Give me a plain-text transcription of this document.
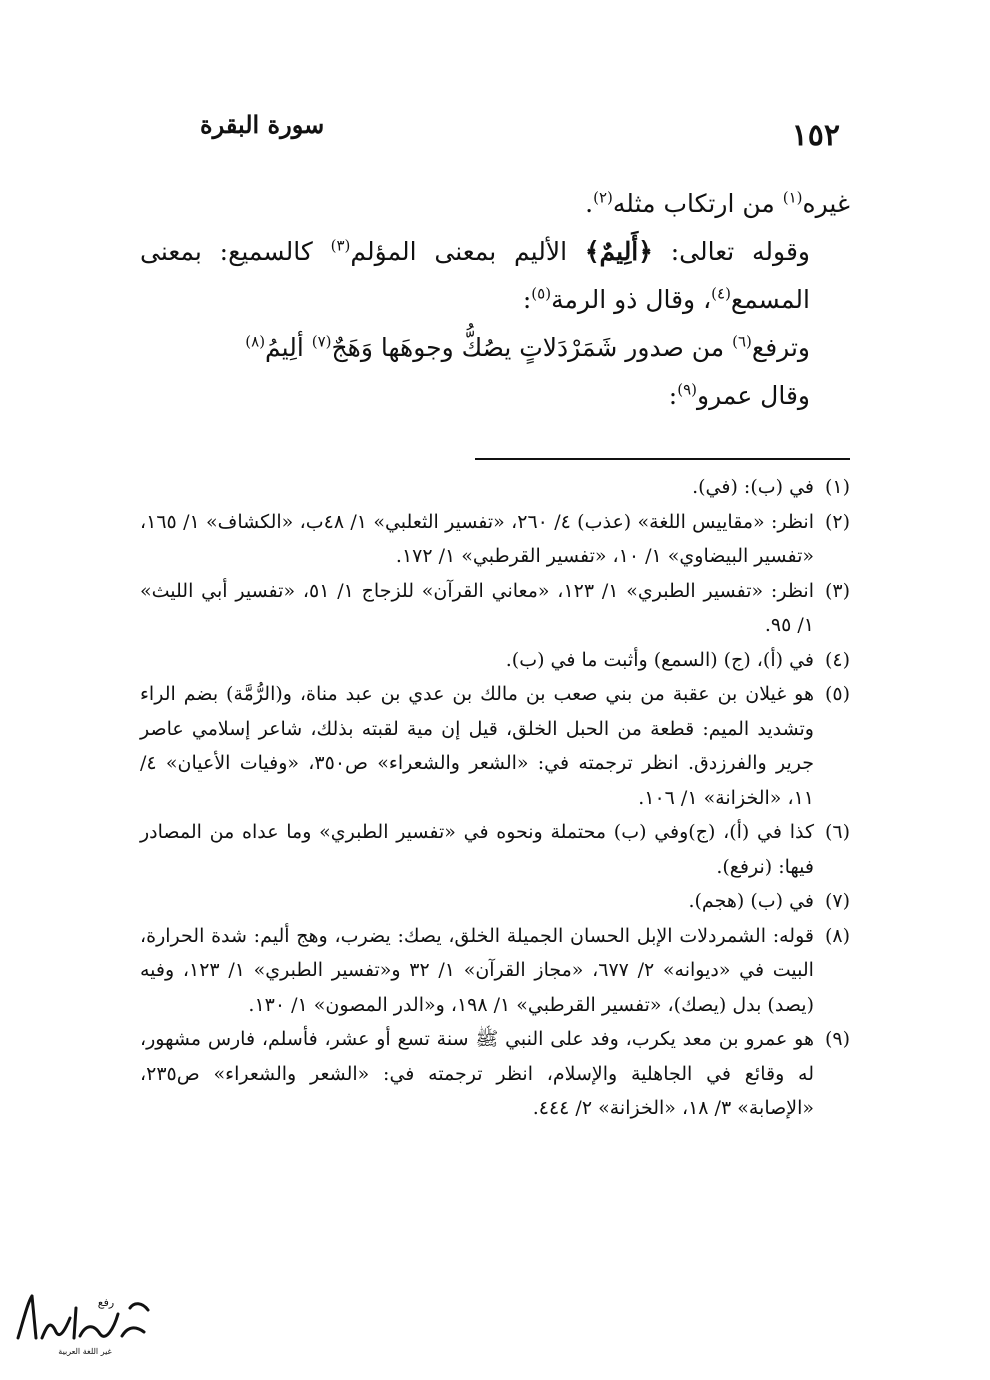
سورة البقرة	١٥٢

غيره$^{(١)}$ من ارتكاب مثله$^{(٢)}$.

وقوله تعالى: ﴿أَلِيمٌ﴾ الأليم بمعنى المؤلم$^{(٣)}$ كالسميع: بمعنى المسمع$^{(٤)}$، وقال ذو الرمة$^{(٥)}$:

وترفع$^{(٦)}$ من صدور شَمَرْدَلاتٍ يصُكُّ وجوهَها وَهَجٌ$^{(٧)}$ ألِيمُ$^{(٨)}$

وقال عمرو$^{(٩)}$:

(١)
في (ب): (في).
(٢)
انظر: «مقاييس اللغة» (عذب) ٤/ ٢٦٠، «تفسير الثعلبي» ١/ ٤٨ب، «الكشاف» ١/ ١٦٥، «تفسير البيضاوي» ١/ ١٠، «تفسير القرطبي» ١/ ١٧٢.
(٣)
انظر: «تفسير الطبري» ١/ ١٢٣، «معاني القرآن» للزجاج ١/ ٥١، «تفسير أبي الليث» ١/ ٩٥.
(٤)
في (أ)، (ج) (السمع) وأثبت ما في (ب).
(٥)
هو غيلان بن عقبة من بني صعب بن مالك بن عدي بن عبد مناة، و(الرُّمَّة) بضم الراء وتشديد الميم: قطعة من الحبل الخلق، قيل إن مية لقبته بذلك، شاعر إسلامي عاصر جرير والفرزدق. انظر ترجمته في: «الشعر والشعراء» ص٣٥٠، «وفيات الأعيان» ٤/ ١١، «الخزانة» ١/ ١٠٦.
(٦)
كذا في (أ)، (ج)وفي (ب) محتملة ونحوه في «تفسير الطبري» وما عداه من المصادر فيها: (نرفع).
(٧)
في (ب) (هجم).
(٨)
قوله: الشمردلات الإبل الحسان الجميلة الخلق، يصك: يضرب، وهج أليم: شدة الحرارة، البيت في «ديوانه» ٢/ ٦٧٧، «مجاز القرآن» ١/ ٣٢ و«تفسير الطبري» ١/ ١٢٣، وفيه (يصد) بدل (يصك)، «تفسير القرطبي» ١/ ١٩٨، و«الدر المصون» ١/ ١٣٠.
(٩)
هو عمرو بن معد يكرب، وفد على النبي ﷺ سنة تسع أو عشر، فأسلم، فارس مشهور، له وقائع في الجاهلية والإسلام، انظر ترجمته في: «الشعر والشعراء» ص٢٣٥، «الإصابة» ٣/ ١٨، «الخزانة» ٢/ ٤٤٤.
رفع
غير اللغة العربية
